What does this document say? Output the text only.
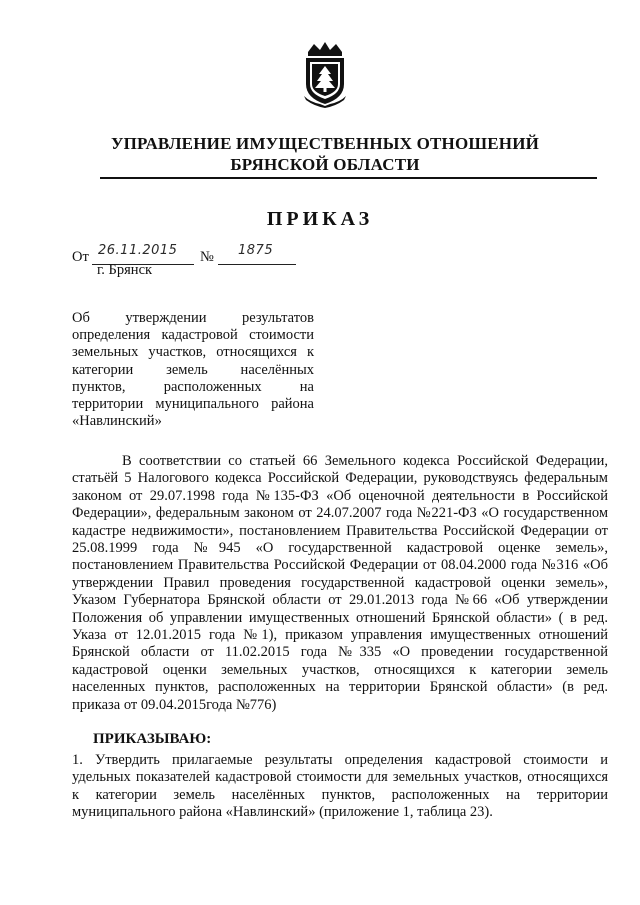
УПРАВЛЕНИЕ ИМУЩЕСТВЕННЫХ ОТНОШЕНИЙ
БРЯНСКОЙ ОБЛАСТИ
ПРИКАЗ
От 26.11.2015 № 1875
г. Брянск
Об утверждении результатов
определения кадастровой стоимости
земельных участков, относящихся к
категории земель населённых
пунктов, расположенных на
территории муниципального района
«Навлинский»

В соответствии со статьей 66 Земельного кодекса Российской Федерации, статьёй 5 Налогового кодекса Российской Федерации, руководствуясь федеральным законом от 29.07.1998 года №135-ФЗ «Об оценочной деятельности в Российской Федерации», федеральным законом от 24.07.2007 года №221-ФЗ «О государственном кадастре недвижимости», постановлением Правительства Российской Федерации от 25.08.1999 года №945 «О государственной кадастровой оценке земель», постановлением Правительства Российской Федерации от 08.04.2000 года №316 «Об утверждении Правил проведения государственной кадастровой оценки земель», Указом Губернатора Брянской области от 29.01.2013 года №66 «Об утверждении Положения об управлении имущественных отношений Брянской области» ( в ред. Указа от 12.01.2015 года №1), приказом управления имущественных отношений Брянской области от 11.02.2015 года №335 «О проведении государственной кадастровой оценки земельных участков, относящихся к категории земель населенных пунктов, расположенных на территории Брянской области» (в ред. приказа от 09.04.2015года №776)

ПРИКАЗЫВАЮ:

1. Утвердить прилагаемые результаты определения кадастровой стоимости и удельных показателей кадастровой стоимости для земельных участков, относящихся к категории земель населённых пунктов, расположенных на территории муниципального района «Навлинский» (приложение 1, таблица 23).
